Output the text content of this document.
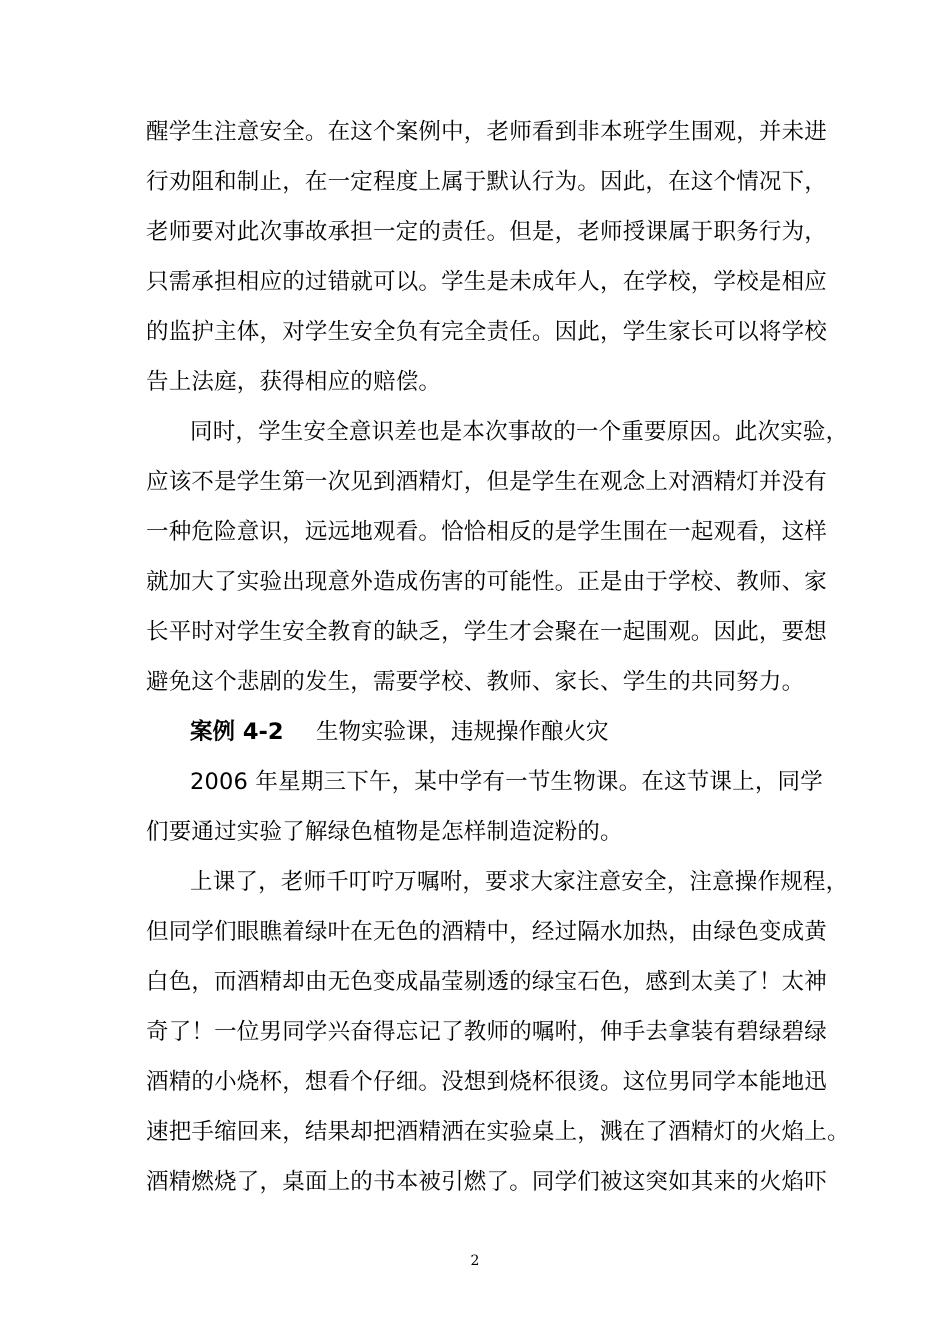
醒学生注意安全。在这个案例中，老师看到非本班学生围观，并未进
行劝阻和制止，在一定程度上属于默认行为。因此，在这个情况下，
老师要对此次事故承担一定的责任。但是，老师授课属于职务行为，
只需承担相应的过错就可以。学生是未成年人，在学校，学校是相应
的监护主体，对学生安全负有完全责任。因此，学生家长可以将学校
告上法庭，获得相应的赔偿。
同时，学生安全意识差也是本次事故的一个重要原因。此次实验，
应该不是学生第一次见到酒精灯，但是学生在观念上对酒精灯并没有
一种危险意识，远远地观看。恰恰相反的是学生围在一起观看，这样
就加大了实验出现意外造成伤害的可能性。正是由于学校、教师、家
长平时对学生安全教育的缺乏，学生才会聚在一起围观。因此，要想
避免这个悲剧的发生，需要学校、教师、家长、学生的共同努力。
案例 4-2 生物实验课，违规操作酿火灾
2006 年星期三下午，某中学有一节生物课。在这节课上，同学
们要通过实验了解绿色植物是怎样制造淀粉的。
上课了，老师千叮咛万嘱咐，要求大家注意安全，注意操作规程，
但同学们眼瞧着绿叶在无色的酒精中，经过隔水加热，由绿色变成黄
白色，而酒精却由无色变成晶莹剔透的绿宝石色，感到太美了！太神
奇了！一位男同学兴奋得忘记了教师的嘱咐，伸手去拿装有碧绿碧绿
酒精的小烧杯，想看个仔细。没想到烧杯很烫。这位男同学本能地迅
速把手缩回来，结果却把酒精洒在实验桌上，溅在了酒精灯的火焰上。
酒精燃烧了，桌面上的书本被引燃了。同学们被这突如其来的火焰吓
2
